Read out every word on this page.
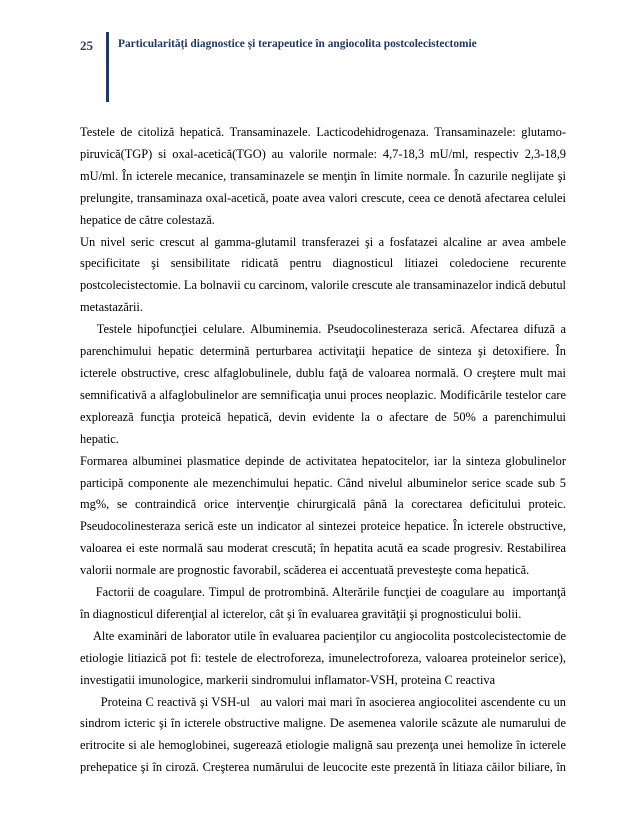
25 Particularități diagnostice și terapeutice în angiocolita postcolecistectomie

Testele de citoliză hepatică. Transaminazele. Lacticodehidrogenaza. Transaminazele: glutamo-

piruvică(TGP) si oxal-acetică(TGO) au valorile normale: 4,7-18,3 mU/ml, respectiv 2,3-18,9

mU/ml. În icterele mecanice, transaminazele se menţin în limite normale. În cazurile neglijate şi

prelungite, transaminaza oxal-acetică, poate avea valori crescute, ceea ce denotă afectarea celulei

hepatice de către colestază.

Un nivel seric crescut al gamma-glutamil transferazei şi a fosfatazei alcaline ar avea ambele

specificitate şi sensibilitate ridicată pentru diagnosticul litiazei coledociene recurente

postcolecistectomie. La bolnavii cu carcinom, valorile crescute ale transaminazelor indică debutul

metastazării.

Testele hipofuncţiei celulare. Albuminemia. Pseudocolinesteraza serică. Afectarea difuză a

parenchimului hepatic determină perturbarea activitaţii hepatice de sinteza şi detoxifiere. În

icterele obstructive, cresc alfaglobulinele, dublu faţă de valoarea normală. O creştere mult mai

semnificativă a alfaglobulinelor are semnificaţia unui proces neoplazic. Modificările testelor care

explorează funcţia proteică hepatică, devin evidente la o afectare de 50% a parenchimului hepatic.

Formarea albuminei plasmatice depinde de activitatea hepatocitelor, iar la sinteza globulinelor

participă componente ale mezenchimului hepatic. Când nivelul albuminelor serice scade sub 5

mg%, se contraindică orice intervenţie chirurgicală până la corectarea deficitului proteic.

Pseudocolinesteraza serică este un indicator al sintezei proteice hepatice. În icterele obstructive,

valoarea ei este normală sau moderat crescută; în hepatita acută ea scade progresiv. Restabilirea

valorii normale are prognostic favorabil, scăderea ei accentuată prevesteşte coma hepatică.

Factorii de coagulare. Timpul de protrombină. Alterările funcţiei de coagulare au  importanţă

în diagnosticul diferenţial al icterelor, cât şi în evaluarea gravităţii şi prognosticului bolii.

Alte examinări de laborator utile în evaluarea pacienţilor cu angiocolita postcolecistectomie de

etiologie litiazică pot fi: testele de electroforeza, imunelectroforeza, valoarea proteinelor serice),

investigatii imunologice, markerii sindromului inflamator-VSH, proteina C reactiva

Proteina C reactivă şi VSH-ul   au valori mai mari în asocierea angiocolitei ascendente cu un

sindrom icteric şi în icterele obstructive maligne. De asemenea valorile scăzute ale numarului de

eritrocite si ale hemoglobinei, sugerează etiologie malignă sau prezenţa unei hemolize în icterele

prehepatice şi în ciroză. Creşterea numărului de leucocite este prezentă în litiaza căilor biliare, în
